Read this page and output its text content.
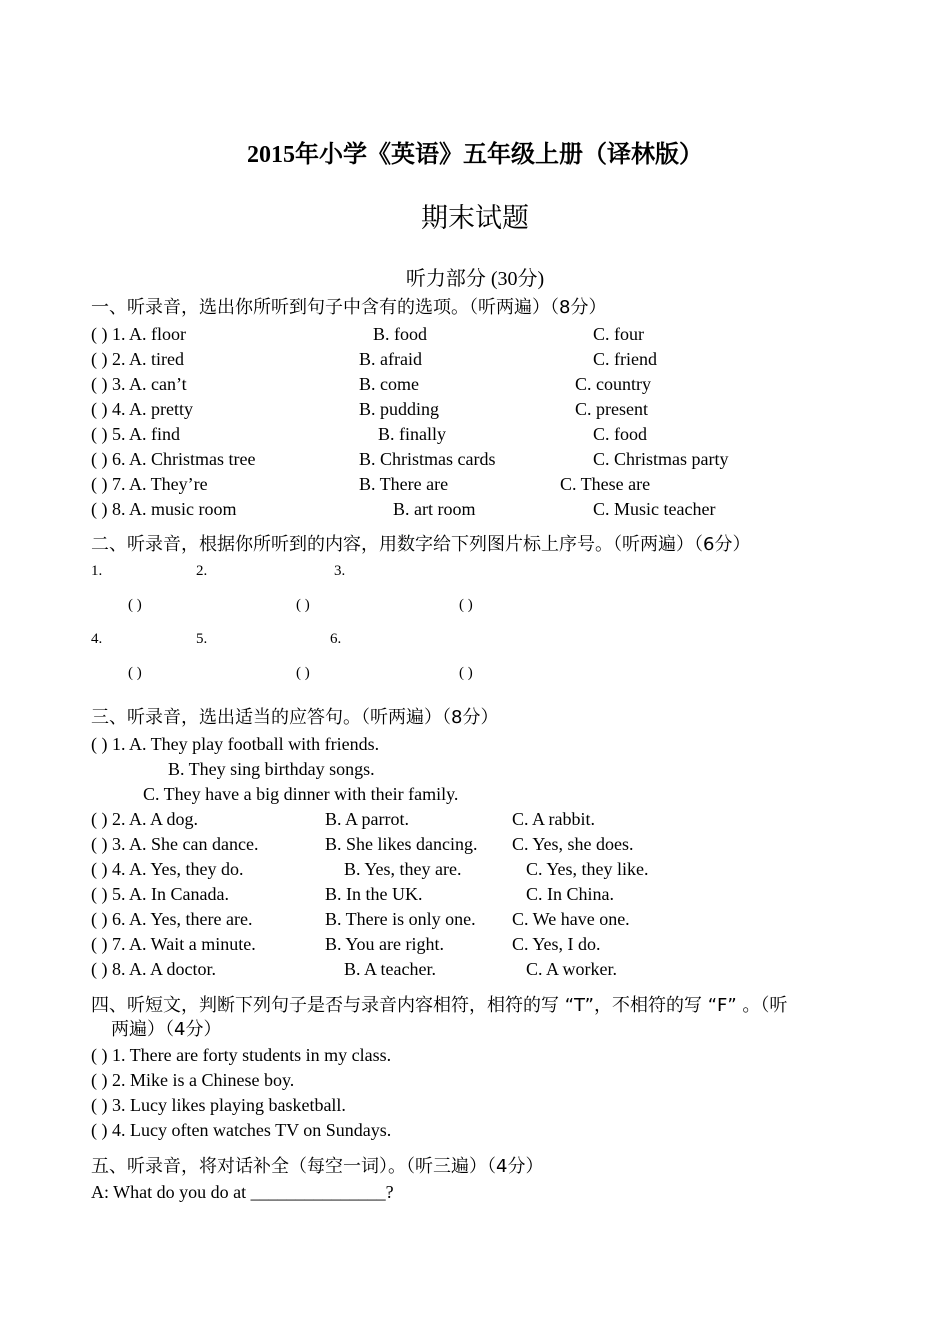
2015年小学《英语》五年级上册（译林版）
期末试题
听力部分 (30分)
一、听录音，选出你所听到句子中含有的选项。（听两遍）（8分）
( ) 1. A. floor	B. food	C. four
( ) 2. A. tired	B. afraid	C. friend
( ) 3. A. can’t	B. come	C. country
( ) 4. A. pretty	B. pudding	C. present
( ) 5. A. find	B. finally	C. food
( ) 6. A. Christmas tree	B. Christmas cards	C. Christmas party
( ) 7. A. They’re	B. There are	C. These are
( ) 8. A. music room	B. art room	C. Music teacher
二、听录音，根据你所听到的内容，用数字给下列图片标上序号。（听两遍）（6分）
1.	2.	3.
( )	( )	( )
4.	5.	6.
( )	( )	( )
三、听录音，选出适当的应答句。（听两遍）（8分）
( ) 1. A. They play football with friends.
B. They sing birthday songs.
C. They have a big dinner with their family.
( ) 2. A. A dog.	B. A parrot.	C. A rabbit.
( ) 3. A. She can dance.	B. She likes dancing. C. Yes, she does.
( ) 4. A. Yes, they do.	B. Yes, they are.	C. Yes, they like.
( ) 5. A. In Canada.	B. In the UK.	C. In China.
( ) 6. A. Yes, there are.	B. There is only one. C. We have one.
( ) 7. A. Wait a minute.	B. You are right.	C. Yes, I do.
( ) 8. A. A doctor.	B. A teacher.	C. A worker.
四、听短文，判断下列句子是否与录音内容相符，相符的写 “T”，不相符的写 “F” 。（听
两遍）（4分）
( ) 1. There are forty students in my class.
( ) 2. Mike is a Chinese boy.
( ) 3. Lucy likes playing basketball.
( ) 4. Lucy often watches TV on Sundays.
五、听录音，将对话补全（每空一词）。（听三遍）（4分）
A: What do you do at _______________?
